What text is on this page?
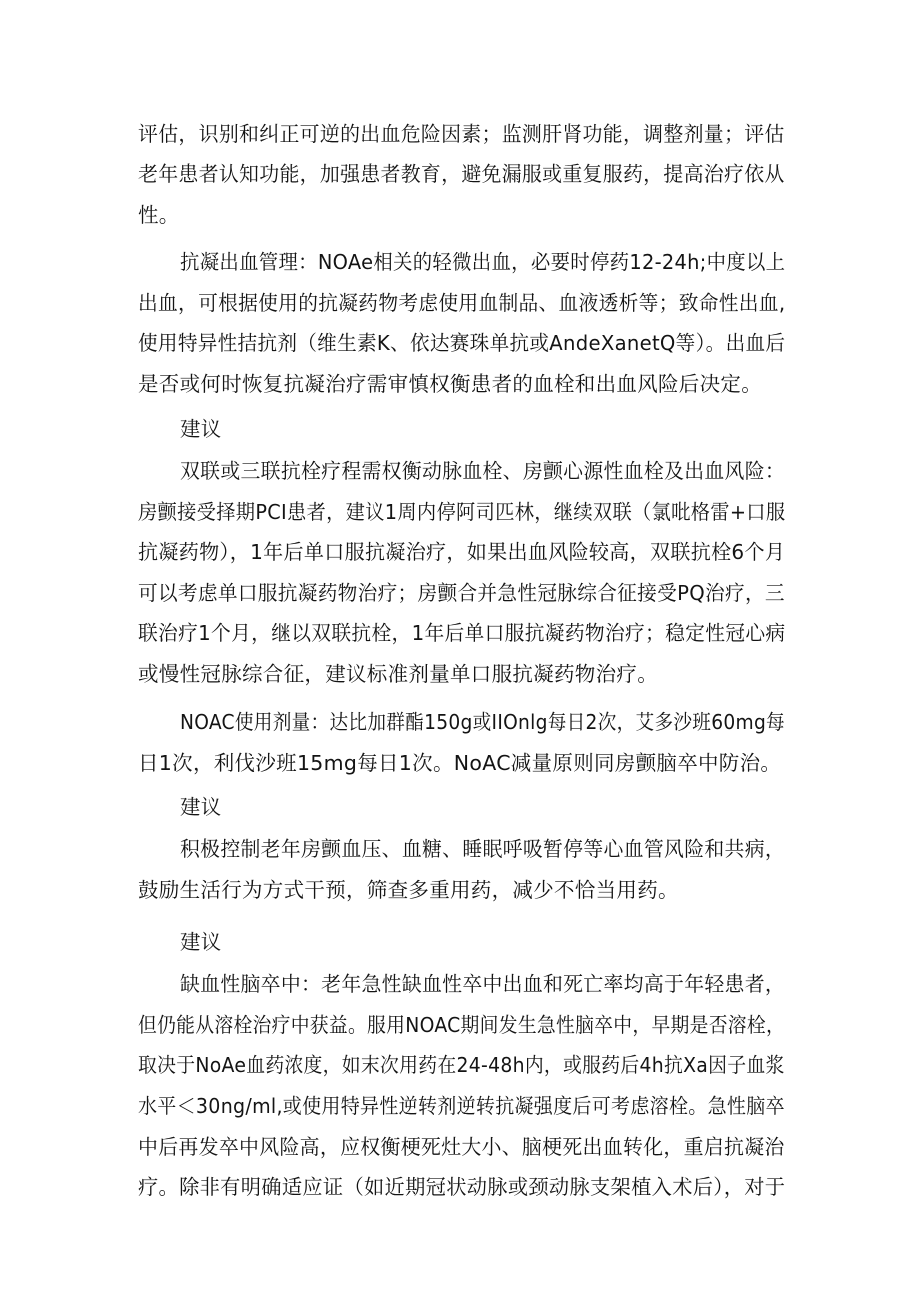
评估，识别和纠正可逆的出血危险因素；监测肝肾功能，调整剂量；评估
老年患者认知功能，加强患者教育，避免漏服或重复服药，提高治疗依从
性。
抗凝出血管理：NOAe相关的轻微出血，必要时停药12-24h;中度以上
出血，可根据使用的抗凝药物考虑使用血制品、血液透析等；致命性出血,
使用特异性拮抗剂（维生素K、依达赛珠单抗或AndeXanetQ等）。出血后
是否或何时恢复抗凝治疗需审慎权衡患者的血栓和出血风险后决定。
建议
双联或三联抗栓疗程需权衡动脉血栓、房颤心源性血栓及出血风险：
房颤接受择期PCI患者，建议1周内停阿司匹林，继续双联（氯吡格雷+口服
抗凝药物），1年后单口服抗凝治疗，如果出血风险较高，双联抗栓6个月
可以考虑单口服抗凝药物治疗；房颤合并急性冠脉综合征接受PQ治疗，三
联治疗1个月，继以双联抗栓，1年后单口服抗凝药物治疗；稳定性冠心病
或慢性冠脉综合征，建议标准剂量单口服抗凝药物治疗。
NOAC使用剂量：达比加群酯150g或IIOnlg每日2次，艾多沙班60mg每
日1次，利伐沙班15mg每日1次。NoAC减量原则同房颤脑卒中防治。
建议
积极控制老年房颤血压、血糖、睡眠呼吸暂停等心血管风险和共病，
鼓励生活行为方式干预，筛查多重用药，减少不恰当用药。
建议
缺血性脑卒中：老年急性缺血性卒中出血和死亡率均高于年轻患者，
但仍能从溶栓治疗中获益。服用NOAC期间发生急性脑卒中，早期是否溶栓，
取决于NoAe血药浓度，如末次用药在24-48h内，或服药后4h抗Xa因子血浆
水平＜30ng∕ml,或使用特异性逆转剂逆转抗凝强度后可考虑溶栓。急性脑卒
中后再发卒中风险高，应权衡梗死灶大小、脑梗死出血转化，重启抗凝治
疗。除非有明确适应证（如近期冠状动脉或颈动脉支架植入术后），对于
